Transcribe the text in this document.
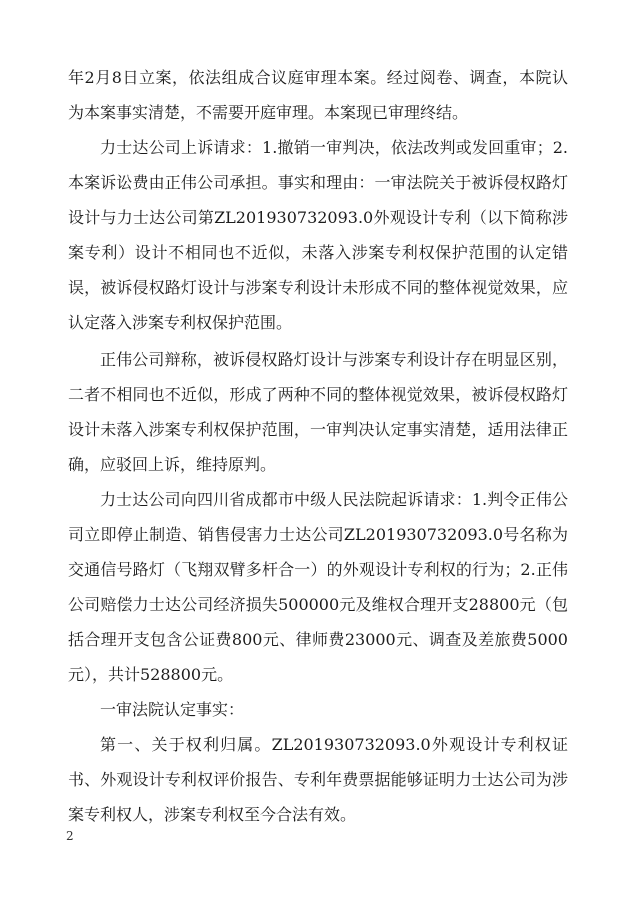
年2月8日立案，依法组成合议庭审理本案。经过阅卷、调查，本院认为本案事实清楚，不需要开庭审理。本案现已审理终结。

力士达公司上诉请求：1.撤销一审判决，依法改判或发回重审；2.本案诉讼费由正伟公司承担。事实和理由：一审法院关于被诉侵权路灯设计与力士达公司第ZL201930732093.0外观设计专利（以下简称涉案专利）设计不相同也不近似，未落入涉案专利权保护范围的认定错误，被诉侵权路灯设计与涉案专利设计未形成不同的整体视觉效果，应认定落入涉案专利权保护范围。

正伟公司辩称，被诉侵权路灯设计与涉案专利设计存在明显区别，二者不相同也不近似，形成了两种不同的整体视觉效果，被诉侵权路灯设计未落入涉案专利权保护范围，一审判决认定事实清楚，适用法律正确，应驳回上诉，维持原判。

力士达公司向四川省成都市中级人民法院起诉请求：1.判令正伟公司立即停止制造、销售侵害力士达公司ZL201930732093.0号名称为交通信号路灯（飞翔双臂多杆合一）的外观设计专利权的行为；2.正伟公司赔偿力士达公司经济损失500000元及维权合理开支28800元（包括合理开支包含公证费800元、律师费23000元、调查及差旅费5000元），共计528800元。

一审法院认定事实：

第一、关于权利归属。ZL201930732093.0外观设计专利权证书、外观设计专利权评价报告、专利年费票据能够证明力士达公司为涉案专利权人，涉案专利权至今合法有效。

2
